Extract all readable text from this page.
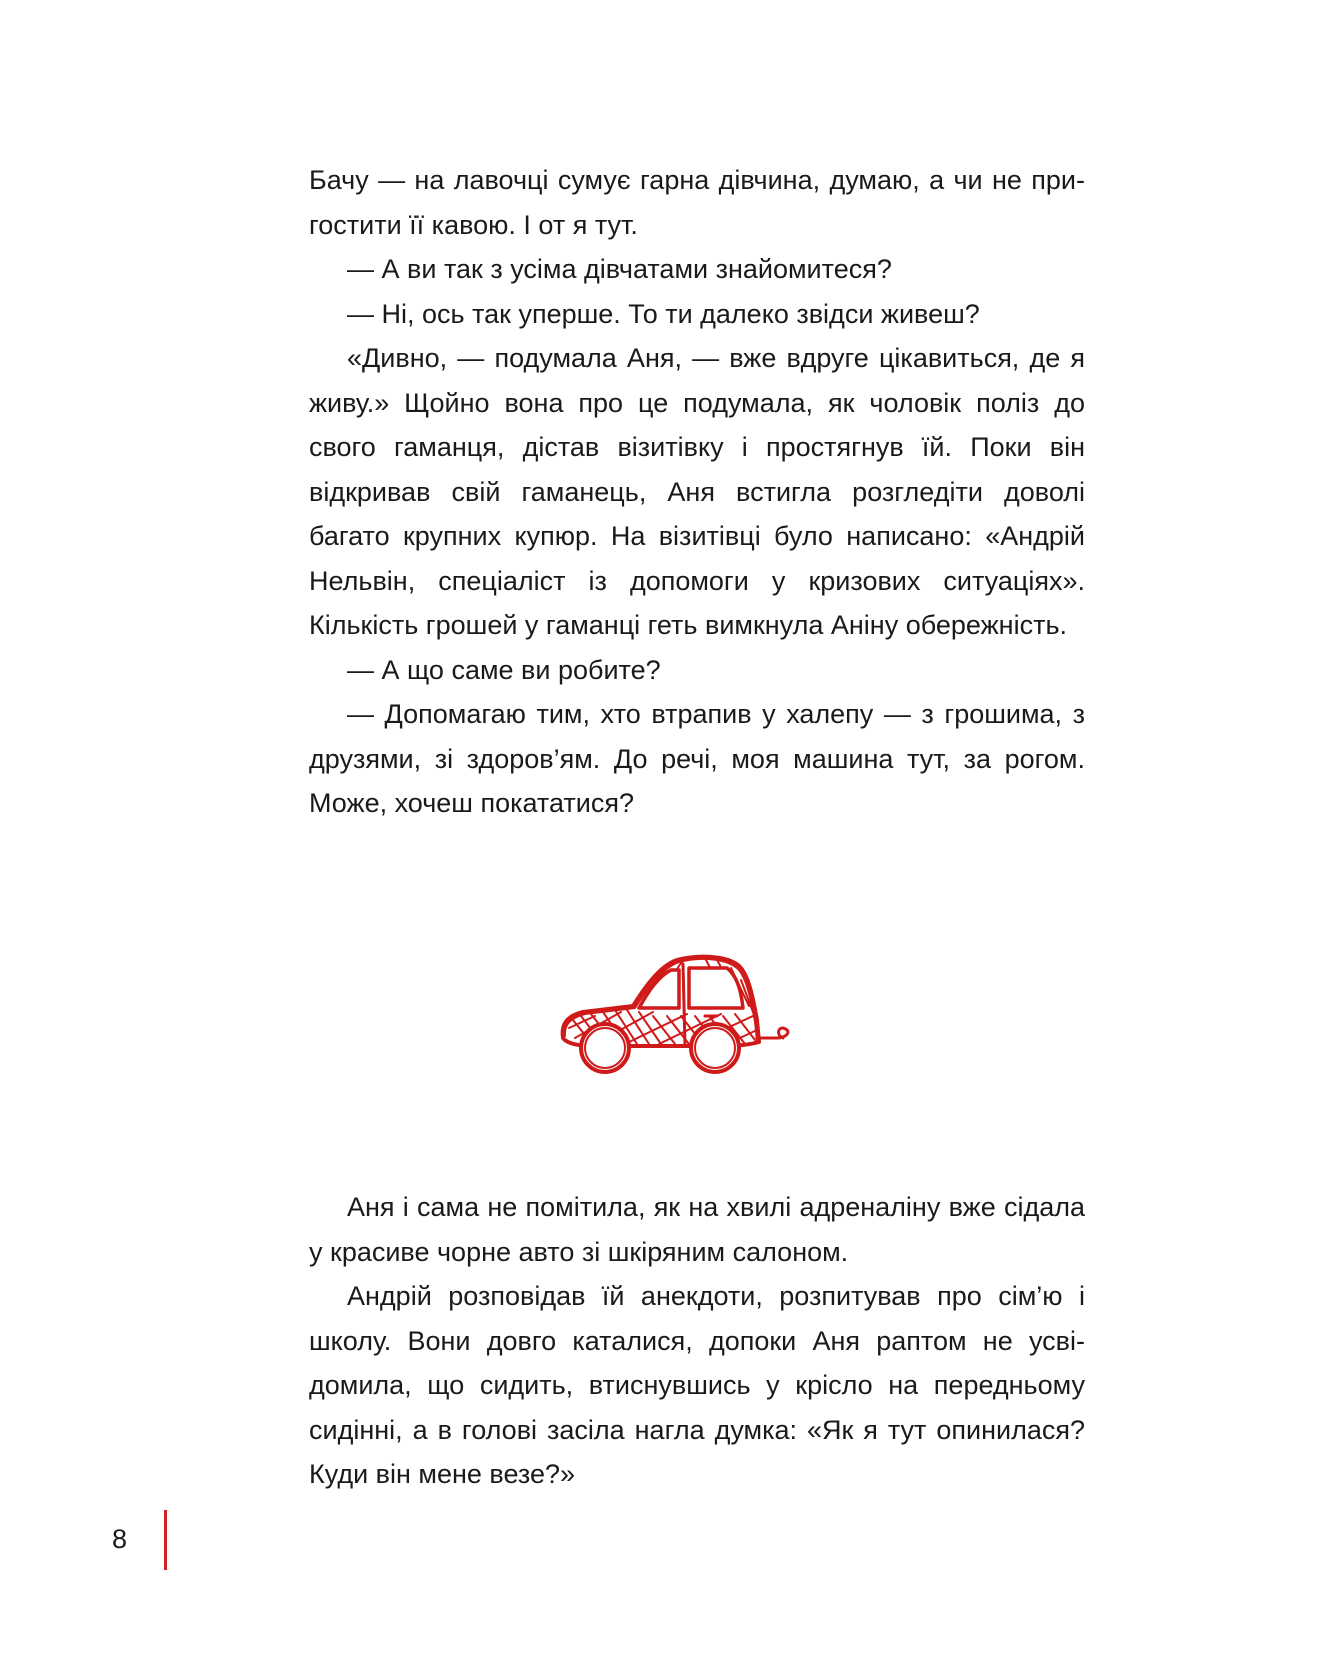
Бачу — на лавочці сумує гарна дівчина, думаю, а чи не пригостити її кавою. І от я тут.

— А ви так з усіма дівчатами знайомитеся?

— Ні, ось так уперше. То ти далеко звідси живеш?

«Дивно, — подумала Аня, — вже вдруге цікавиться, де я живу.» Щойно вона про це подумала, як чоловік поліз до свого гаманця, дістав візитівку і простягнув їй. Поки він відкривав свій гаманець, Аня встигла розгледіти доволі багато крупних купюр. На візитівці було написано: «Андрій Нельвін, спеціаліст із допомоги у кризових ситуаціях». Кількість грошей у гаманці геть вимкнула Аніну обережність.

— А що саме ви робите?

— Допомагаю тим, хто втрапив у халепу — з грошима, з друзями, зі здоров’ям. До речі, моя машина тут, за рогом. Може, хочеш покататися?

Аня і сама не помітила, як на хвилі адреналіну вже сідала у красиве чорне авто зі шкіряним салоном.

Андрій розповідав їй анекдоти, розпитував про сім’ю і школу. Вони довго каталися, допоки Аня раптом не усвідомила, що сидить, втиснувшись у крісло на передньому сидінні, а в голові засіла нагла думка: «Як я тут опинилася? Куди він мене везе?»

8
